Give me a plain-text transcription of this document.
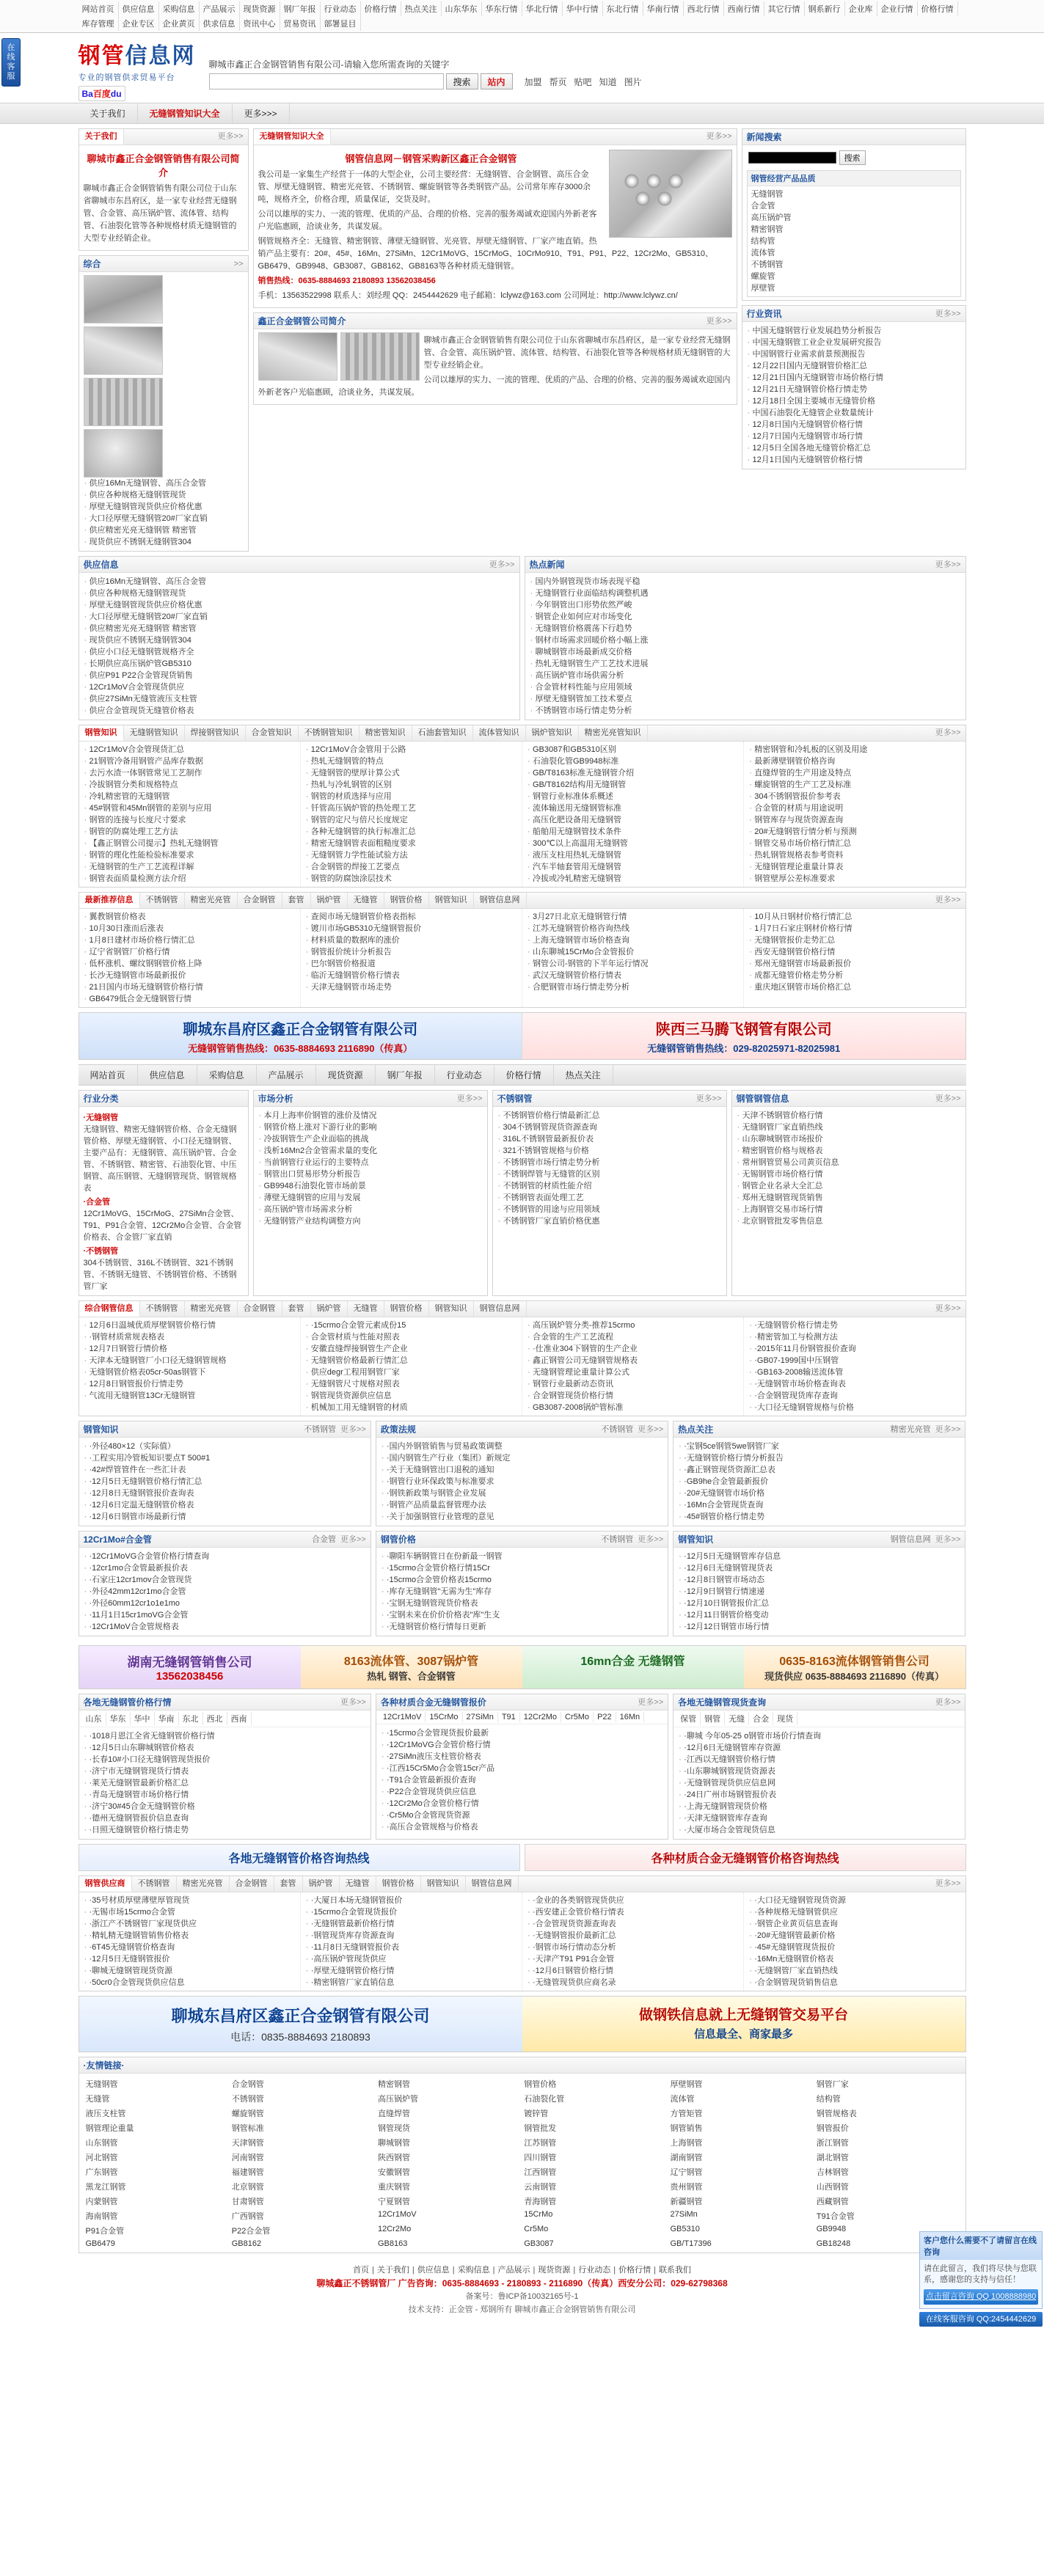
在线客服
网站首页	供应信息	采购信息	产品展示	现货资源	钢厂年报	行业动态	价格行情	热点关注	山东华东	华东行情	华北行情	华中行情	东北行情	华南行情	西北行情	西南行情	其它行情	钢系新行	企业库	企业行情	价格行情
库存管理	企业专区	企业黄页	供求信息	资讯中心	贸易资讯	部署显目
钢管信息网
专业的钢管供求贸易平台
Ba百度du
聊城市鑫正合金钢管销售有限公司-请输入您所需查询的关键字
搜索	站内	加盟 帮页 贴吧 知道 图片
关于我们	无缝钢管知识大全	更多>>>
关于我们	更多>>
聊城市鑫正合金钢管销售有限公司简介

聊城市鑫正合金钢管销售有限公司位于山东省聊城市东昌府区，是一家专业经营无缝钢管、合金管、高压锅炉管、流体管、结构管、石油裂化管等各种规格材质无缝钢管的大型专业经销企业。

综合	>>
· 供应16Mn无缝钢管、高压合金管
· 供应各种规格无缝钢管现货
· 厚壁无缝钢管现货供应价格优惠
· 大口径厚壁无缝钢管20#厂家直销
· 供应精密光亮无缝钢管 精密管
· 现货供应不锈钢无缝钢管304
无缝钢管知识大全	更多>>
钢管信息网－钢管采购新区鑫正合金钢管

我公司是一家集生产经营于一体的大型企业，公司主要经营：无缝钢管、合金钢管、高压合金管、厚壁无缝钢管、精密光亮管、不锈钢管、螺旋钢管等各类钢管产品。公司常年库存3000余吨，规格齐全，价格合理，质量保证，交货及时。

公司以雄厚的实力、一流的管理、优质的产品、合理的价格、完善的服务竭诚欢迎国内外新老客户光临惠顾，洽谈业务，共谋发展。

钢管规格齐全：无缝管、精密钢管、薄壁无缝钢管、光亮管、厚壁无缝钢管、厂家产地直销。热销产品主要有：20#、45#、16Mn、27SiMn、12Cr1MoVG、15CrMoG、10CrMo910、T91、P91、P22、12Cr2Mo、GB5310、GB6479、GB9948、GB3087、GB8162、GB8163等各种材质无缝钢管。

销售热线：0635-8884693 2180893 13562038456

手机：13563522998 联系人：刘经理 QQ：2454442629 电子邮箱：lclywz@163.com 公司网址：http://www.lclywz.cn/

鑫正合金钢管公司简介	更多>>

聊城市鑫正合金钢管销售有限公司位于山东省聊城市东昌府区，是一家专业经营无缝钢管、合金管、高压锅炉管、流体管、结构管、石油裂化管等各种规格材质无缝钢管的大型专业经销企业。

公司以雄厚的实力、一流的管理、优质的产品、合理的价格、完善的服务竭诚欢迎国内外新老客户光临惠顾，洽谈业务，共谋发展。

新闻搜索
搜索
钢管经营产品品质
无缝钢管
合金管
高压锅炉管
精密钢管
结构管
流体管
不锈钢管
螺旋管
厚壁管
行业资讯	更多>>
· 中国无缝钢管行业发展趋势分析报告
· 中国无缝钢管工业企业发展研究报告
· 中国钢管行业需求前景预测报告
· 12月22日国内无缝钢管价格汇总
· 12月21日国内无缝钢管市场价格行情
· 12月21日无缝钢管价格行情走势
· 12月18日全国主要城市无缝管价格
· 中国石油裂化无缝管企业数量统计
· 12月8日国内无缝钢管价格行情
· 12月7日国内无缝钢管市场行情
· 12月5日全国各地无缝管价格汇总
· 12月1日国内无缝钢管价格行情
供应信息	更多>>
· 供应16Mn无缝钢管、高压合金管
· 供应各种规格无缝钢管现货
· 厚壁无缝钢管现货供应价格优惠
· 大口径厚壁无缝钢管20#厂家直销
· 供应精密光亮无缝钢管 精密管
· 现货供应不锈钢无缝钢管304
· 供应小口径无缝钢管规格齐全
· 长期供应高压锅炉管GB5310
· 供应P91 P22合金管现货销售
· 12Cr1MoV合金管现货供应
· 供应27SiMn无缝管液压支柱管
· 供应合金管现货无缝管价格表
热点新闻	更多>>
· 国内外钢管现货市场表现平稳
· 无缝钢管行业面临结构调整机遇
· 今年钢管出口形势依然严峻
· 钢管企业如何应对市场变化
· 无缝钢管价格震荡下行趋势
· 钢材市场需求回暖价格小幅上涨
· 聊城钢管市场最新成交价格
· 热轧无缝钢管生产工艺技术进展
· 高压锅炉管市场供需分析
· 合金管材料性能与应用领域
· 厚壁无缝钢管加工技术要点
· 不锈钢管市场行情走势分析
钢管知识	无缝钢管知识	焊接钢管知识	合金管知识	不锈钢管知识	精密管知识	石油套管知识	流体管知识	锅炉管知识	精密光亮管知识	更多>>
· 12Cr1MoV合金管现货汇总
· 21钢管冷备用钢管产品库存数据
· 去污水渣一体钢管常见工艺制作
· 冷拔钢管分类和规格特点
· 冷轧精密管的无缝钢管
· 45#钢管和45Mn钢管的差别与应用
· 钢管的连接与长度尺寸要求
· 钢管的防腐处理工艺方法
· 【鑫正钢管公司提示】热轧无缝钢管
· 钢管的理化性能检验标准要求
· 无缝钢管的生产工艺流程详解
· 钢管表面质量检测方法介绍
· 12Cr1MoV合金管用于公路
· 热轧无缝钢管的特点
· 无缝钢管的壁厚计算公式
· 热轧与冷轧钢管的区别
· 钢管的材质选择与应用
· 钎管高压锅炉管的热处理工艺
· 钢管的定尺与倍尺长度规定
· 各种无缝钢管的执行标准汇总
· 精密无缝钢管表面粗糙度要求
· 无缝钢管力学性能试验方法
· 合金钢管的焊接工艺要点
· 钢管的防腐蚀涂层技术
· GB3087和GB5310区别
· 石油裂化管GB9948标准
· GB/T8163标准无缝钢管介绍
· GB/T8162结构用无缝钢管
· 钢管行业标准体系概述
· 流体输送用无缝钢管标准
· 高压化肥设备用无缝钢管
· 船舶用无缝钢管技术条件
· 300℃以上高温用无缝钢管
· 液压支柱用热轧无缝钢管
· 汽车半轴套管用无缝钢管
· 冷拔或冷轧精密无缝钢管
· 精密钢管和冷轧板的区别及用途
· 最新薄壁钢管价格咨询
· 直缝焊管的生产用途及特点
· 螺旋钢管的生产工艺及标准
· 304不锈钢管报价参考表
· 合金管的材质与用途说明
· 钢管库存与现货资源查询
· 20#无缝钢管行情分析与预测
· 钢管交易市场价格行情汇总
· 热轧钢管规格表参考资料
· 无缝钢管理论重量计算表
· 钢管壁厚公差标准要求
最新推荐信息	不锈钢管	精密光亮管	合金钢管	套管	锅炉管	无缝管	钢管价格	钢管知识	钢管信息网	更多>>
· 翼教钢管价格表
· 10月30日涨而后涨表
· 1月8日建材市场价格行情汇总
· 辽宁省钢管厂价格行情
· 低杯涨机、螺纹钢钢管价格上降
· 长沙无缝钢管市场最新报价
· 21日国内市场无缝钢管价格行情
· GB6479低合金无缝钢管行情
· 查阅市场无缝钢管价格表指标
· 镀川市场GB5310无缝钢管报价
· 材料质量的数据库的涨价
· 钢管报价统计分析报告
· 巴尔钢管价格报道
· 临沂无缝钢管价格行情表
· 天津无缝钢管市场走势
· 3月27日北京无缝钢管行情
· 江苏无缝钢管价格咨询热线
· 上海无缝钢管市场价格查询
· 山东聊城15CrMo合金管报价
· 钢管公司-钢管的下半年运行情况
· 武汉无缝钢管价格行情表
· 合肥钢管市场行情走势分析
· 10月从日钢材价格行情汇总
· 1月7日石家庄钢材价格行情
· 无缝钢管报价走势汇总
· 西安无缝钢管价格行情
· 郑州无缝钢管市场最新报价
· 成都无缝管价格走势分析
· 重庆地区钢管市场价格汇总
聊城东昌府区鑫正合金钢管有限公司
无缝钢管销售热线：0635-8884693 2116890（传真）
陕西三马腾飞钢管有限公司
无缝钢管销售热线：029-82025971-82025981
网站首页	供应信息	采购信息	产品展示	现货资源	钢厂年报	行业动态	价格行情	热点关注
行业分类
·无缝钢管
无缝钢管、精密无缝钢管价格、合金无缝钢管价格、厚壁无缝钢管、小口径无缝钢管、主要产品有：无缝钢管、高压锅炉管、合金管、不锈钢管、精密管、石油裂化管、中压钢管、高压钢管、无缝钢管现货、钢管规格表
·合金管
12Cr1MoVG、15CrMoG、27SiMn合金管、T91、P91合金管、12Cr2Mo合金管、合金管价格表、合金管厂家直销
·不锈钢管
304不锈钢管、316L不锈钢管、321不锈钢管、不锈钢无缝管、不锈钢管价格、不锈钢管厂家
市场分析	更多>>
· 本月上海率价钢管的涨价及情况
· 钢管价格上涨对下游行业的影响
· 冷拔钢管生产企业面临的挑战
· 浅析16Mn2合金管需求量的变化
· 当前钢管行业运行的主要特点
· 钢管出口贸易形势分析报告
· GB9948石油裂化管市场前景
· 薄壁无缝钢管的应用与发展
· 高压锅炉管市场需求分析
· 无缝钢管产业结构调整方向
不锈钢管	更多>>
· 不锈钢管价格行情最新汇总
· 304不锈钢管现货资源查询
· 316L不锈钢管最新报价表
· 321不锈钢管规格与价格
· 不锈钢管市场行情走势分析
· 不锈钢焊管与无缝管的区别
· 不锈钢管的材质性能介绍
· 不锈钢管表面处理工艺
· 不锈钢管的用途与应用领域
· 不锈钢管厂家直销价格优惠
钢管钢管信息	更多>>
· 天津不锈钢管价格行情
· 无缝钢管厂家直销热线
· 山东聊城钢管市场报价
· 精密钢管价格与规格表
· 常州钢管贸易公司黄页信息
· 无锡钢管市场价格行情
· 钢管企业名录大全汇总
· 郑州无缝钢管现货销售
· 上海钢管交易市场行情
· 北京钢管批发零售信息
综合钢管信息	不锈钢管	精密光亮管	合金钢管	套管	锅炉管	无缝管	钢管价格	钢管知识	钢管信息网	更多>>
· 12月6日温城优质厚壁钢管价格行情
· ·钢管材质常规表格表
· 12月7日钢管行情价格
· 天津本无缝钢管厂小口径无缝钢管规格
· 无缝钢管价格表05cr-50as钢管下
· 12月8日钢管报价行情走势
· 气流用无缝钢管13Cr无缝钢管
· ·15crmo合金管元素成份15
· 合金管材质与性能对照表
· 安徽直缝焊接钢管生产企业
· 无缝钢管价格最新行情汇总
· 供应degr工程用钢管厂家
· 无缝钢管尺寸规格对照表
· 钢管现货资源供应信息
· 机械加工用无缝钢管的材质
· 高压锅炉管分类-推荐15crmo
· 合金管的生产工艺流程
· ·仕准业304下钢管的生产企业
· 鑫正钢管公司无缝钢管规格表
· 无缝钢管理论重量计算公式
· 钢管行业最新动态资讯
· 合金钢管现货价格行情
· GB3087-2008锅炉管标准
· ·无缝钢管价格行情走势
· ·精密管加工与检测方法
· ·2015年11月份钢管报价查询
· ·GB07-1999国中压钢管
· ·GB163-2008输送流体管
· ·无缝钢管市场价格查询表
· ·合金钢管现货库存查询
· ·大口径无缝钢管规格与价格
钢管知识	不锈钢管 更多>>
· ·外径480×12（实际值）
· ·工程实用冷管板知识要点T 500#1
· ·42#焊管管件在一些汇计表
· ·12月5日无缝钢管价格行情汇总
· ·12月8日无缝钢管报价查询表
· ·12月6日定温无缝钢管价格表
· ·12月6日钢管市场最新行情
政策法规	不锈钢管 更多>>
· ·国内外钢管销售与贸易政策调整
· ·国内钢管生产行业（集团）新规定
· ·关于无缝钢管出口退税的通知
· ·钢管行业环保政策与标准要求
· ·钢铁新政策与钢管企业发展
· ·钢管产品质量监督管理办法
· ·关于加强钢管行业管理的意见
热点关注	精密光亮管 更多>>
· ·宝钢5ce钢管5we钢管厂家
· ·无缝钢管价格行情分析报告
· ·鑫正钢管现货资源汇总表
· ·GB9he合金管最新报价
· ·20#无缝钢管市场价格
· ·16Mn合金管现货查询
· ·45#钢管价格行情走势
12Cr1Mo#合金管	合金管 更多>>
· ·12Cr1MoVG合金管价格行情查询
· ·12cr1mo合金管最新报价表
· ·石家庄12cr1mov合金管现货
· ·外径42mm12cr1mo合金管
· ·外径60mm12cr1o1e1mo
· ·11月1日15cr1moVG合金管
· ·12Cr1MoV合金管规格表
钢管价格	不锈钢管 更多>>
· ·聊阳车辆钢管日在份新最一钢管
· ·15crmo合金管价格行情15Cr
· ·15crmo合金管价格表15crmo
· ·库存无缝钢管"无需为生"库存
· ·宝钢无缝钢管现货价格表
· ·宝钢未来在价价价格表"库"生支
· ·无缝钢管价格行情每日更新
钢管知识	钢管信息网 更多>>
· ·12月5日无缝钢管库存信息
· ·12月6日无缝钢管现货表
· ·12月8日钢管市场动态
· ·12月9日钢管行情速递
· ·12月10日钢管报价汇总
· ·12月11日钢管价格变动
· ·12月12日钢管市场行情
湖南无缝钢管销售公司
13562038456
8163流体管、3087锅炉管
热轧 钢管、合金钢管
16mn合金 无缝钢管	0635-8163流体钢管销售公司
现货供应 0635-8884693 2116890（传真）
各地无缝钢管价格行情	更多>>
山东	华东	华中	华南	东北	西北	西南
· ·1018月恩江全省无缝钢管价格行情
· ·12月5日山东聊城钢管价格表
· ·长春10#小口径无缝钢管现货报价
· ·济宁市无缝钢管现货行情表
· ·莱芜无缝钢管最新价格汇总
· ·青岛无缝钢管市场价格行情
· ·济宁30#45合金无缝钢管价格
· ·德州无缝钢管报价信息查询
· ·日照无缝钢管价格行情走势
各种材质合金无缝钢管报价	更多>>
12Cr1MoV	15CrMo	27SiMn	T91	12Cr2Mo	Cr5Mo	P22	16Mn
· ·15crmo合金管现货报价最新
· ·12Cr1MoVG合金管价格行情
· ·27SiMn液压支柱管价格表
· ·江西15Cr5Mo合金管15cr产品
· ·T91合金管最新报价查询
· ·P22合金管现货供应信息
· ·12Cr2Mo合金管价格行情
· ·Cr5Mo合金管现货资源
· ·高压合金管规格与价格表
各地无缝钢管现货查询	更多>>
保管	钢管	无缝	合金	现货
· ·聊城 今年05-25 o钢管市场价行情查询
· ·12月6日无缝钢管库存资源
· ·江西以无缝钢管价格行情
· ·山东聊城钢管现货资源表
· ·无缝钢管现货供应信息网
· ·24日广州市场钢管报价表
· ·上海无缝钢管现货价格
· ·天津无缝钢管库存查询
· ·大厦市场合金管现货信息
各地无缝钢管价格咨询热线	各种材质合金无缝钢管价格咨询热线
钢管供应商	不锈钢管	精密光亮管	合金钢管	套管	锅炉管	无缝管	钢管价格	钢管知识	钢管信息网	更多>>
· ·35号材质厚壁薄壁厚管现货
· ·无锡市场15crmo合金管
· ·浙江产不锈钢管厂家现货供应
· ·精轧精无缝钢管销售价格表
· ·6T45无缝钢管价格查询
· ·12月5日无缝钢管报价
· ·聊城无缝钢管现货资源
· ·50cr0合金管现货供应信息
· ·大厦日本场无缝钢管报价
· ·15crmo合金管现货报价
· ·无缝钢管最新价格行情
· ·钢管现货库存资源查询
· ·11月8日无缝钢管报价表
· ·高压锅炉管现货供应
· ·厚壁无缝钢管价格行情
· ·精密钢管厂家直销信息
· ·金业的各类钢管现货供应
· ·西安建正金管价格行情表
· ·合金管现货资源查询表
· ·无缝钢管报价最新汇总
· ·钢管市场行情动态分析
· ·天津产T91 P91合金管
· ·12月6日钢管价格行情
· ·无缝管现货供应商名录
· ·大口径无缝钢管现货资源
· ·各种规格无缝钢管供应
· ·钢管企业黄页信息查询
· ·20#无缝钢管最新价格
· ·45#无缝钢管现货报价
· ·16Mn无缝钢管价格表
· ·无缝钢管厂家直销热线
· ·合金钢管现货销售信息
聊城东昌府区鑫正合金钢管有限公司
电话：0835-8884693 2180893
做钢铁信息就上无缝钢管交易平台
信息最全、商家最多
·友情链接·
无缝钢管	合金钢管	精密钢管	钢管价格	厚壁钢管	钢管厂家
无缝管	不锈钢管	高压锅炉管	石油裂化管	流体管	结构管
液压支柱管	螺旋钢管	直缝焊管	镀锌管	方管矩管	钢管规格表
钢管理论重量	钢管标准	钢管现货	钢管批发	钢管销售	钢管报价
山东钢管	天津钢管	聊城钢管	江苏钢管	上海钢管	浙江钢管
河北钢管	河南钢管	陕西钢管	四川钢管	湖南钢管	湖北钢管
广东钢管	福建钢管	安徽钢管	江西钢管	辽宁钢管	吉林钢管
黑龙江钢管	北京钢管	重庆钢管	云南钢管	贵州钢管	山西钢管
内蒙钢管	甘肃钢管	宁夏钢管	青海钢管	新疆钢管	西藏钢管
海南钢管	广西钢管	12Cr1MoV	15CrMo	27SiMn	T91合金管
P91合金管	P22合金管	12Cr2Mo	Cr5Mo	GB5310	GB9948
GB6479	GB8162	GB8163	GB3087	GB/T17396	GB18248
首页 | 关于我们 | 供应信息 | 采购信息 | 产品展示 | 现货资源 | 行业动态 | 价格行情 | 联系我们
聊城鑫正不锈钢管厂 广告咨询：0635-8884693 - 2180893 - 2116890（传真）西安分公司：029-62798368
备案号：鲁ICP备10032165号-1
技术支持：正金管 - 郑钢所有 聊城市鑫正合金钢管销售有限公司
客户您什么需要不了请留言在线咨询
请在此留言，我们将尽快与您联系，感谢您的支持与信任！
点击留言咨询 QQ 1008888980
在线客服咨询 QQ:2454442629
